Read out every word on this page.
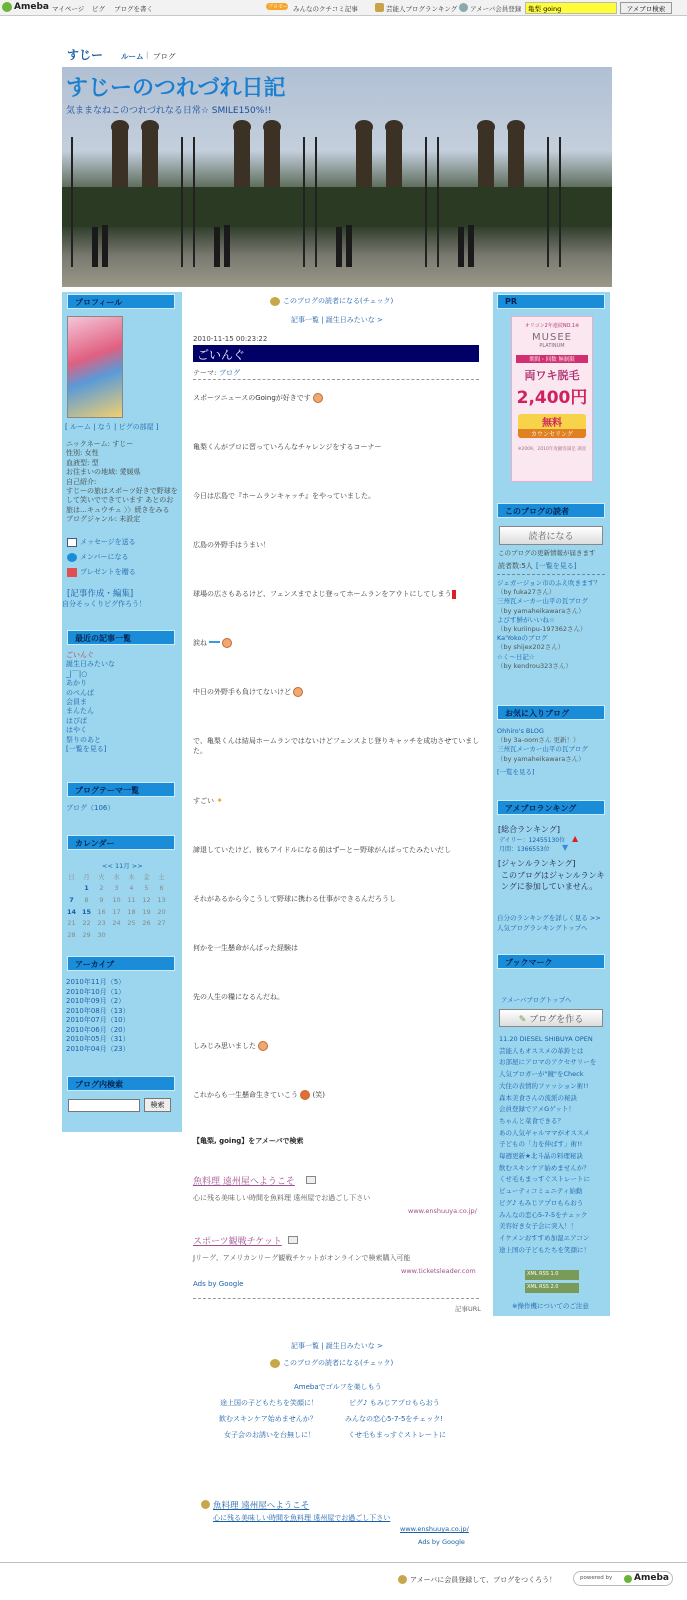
Ameba マイページ ピグ ブログを書く	プロモーション
みんなのクチコミ記事	芸能人ブログランキング アメーバ会員登録
亀梨 going	アメブロ検索
すじー ルーム | ブログ
すじーのつれづれ日記
気ままなねこのつれづれなる日常☆ SMILE150%!!
プロフィール
[ ルーム | なう | ピグの部屋 ]
ニックネーム: すじー
性別: 女性
血液型: 型
お住まいの地域: 愛媛県
自己紹介:
すじーの旅はスポーツ好きで野球をして笑いでできています あとのお旅は…キュウチュ 〉〉続きをみる
ブログジャンル: 未設定
メッセージを送る
メンバーになる
プレゼントを贈る
[記事作成・編集]
自分そっくりピグ作ろう！
最近の記事一覧
ごいんぐ
誕生日みたいな
_|￣|○
あかり
のぺんば
会員ま
まんたん
はぴば
はやく
祭りのあと
[一覧を見る]
ブログテーマ一覧
ブログ（106）
カレンダー
<< 11月 >>
日	月	火	水	木	金	土
	1	2	3	4	5	6
7	8	9	10	11	12	13
14	15	16	17	18	19	20
21	22	23	24	25	26	27
28	29	30				
アーカイブ
2010年11月（5）
2010年10月（1）
2010年09月（2）
2010年08月（13）
2010年07月（10）
2010年06月（20）
2010年05月（31）
2010年04月（23）
ブログ内検索
検索
このブログの読者になる(チェック)
記事一覧 | 誕生日みたいな >
2010-11-15 00:23:22
ごいんぐ
テーマ: ブログ
スポーツニュースのGoingが好きです
亀梨くんがプロに習っていろんなチャレンジをするコーナー
今日は広島で『ホームランキャッチ』をやっていました。
広島の外野手はうまい！
球場の広さもあるけど、フェンスまでよじ登ってホームランをアウトにしてしまう
涙ね
中日の外野手も負けてないけど
で、亀梨くんは結局ホームランではないけどフェンスよじ登りキャッチを成功させていました。
すごい ✦
諦退していたけど、彼もアイドルになる前はずーとー野球がんばってたみたいだし
それがあるから今こうして野球に携わる仕事ができるんだろうし
何かを一生懸命がんばった経験は
先の人生の糧になるんだね。
しみじみ思いました
これからも一生懸命生きていこう (笑)
【亀梨, going】をアメーバで検索
魚料理 遠州屋へようこそ
心に残る美味しい時間を魚料理 遠州屋でお過ごし下さい
www.enshuuya.co.jp/
スポーツ観戦チケット
Jリーグ、アメリカンリーグ観戦チケットがオンラインで検索購入可能
www.ticketsleader.com
Ads by Google
記事URL
PR
オリコン2年連続NO.1※
MUSEE
PLATINUM
期間・回数 無制限
両ワキ脱毛
2,400円
無料
カウンセリング
※2009、2010年度顧客満足 調査
このブログの読者
読者になる
このブログの更新情報が届きます
読者数:5人 [一覧を見る]
ジェガージョン市のふえ吹きます？
（by fuka27さん）
三州瓦メーカー山平の瓦ブログ
（by yamaheikawaraさん）
よびす鮮がいいね☆
（by kuriinpu-197362さん）
Ka'Yokoのブログ
（by shijex202さん）
☆く～日記☆
（by kendrou323さん）
お気に入りブログ
Ohhiro's BLOG
（by 3a-oomさん 更新！）
三州瓦メーカー山平の瓦ブログ
（by yamaheikawaraさん）
[一覧を見る]
アメブロランキング
[総合ランキング]
デイリー：12455130位 ▲
月間：1366553位 ▼
[ジャンルランキング]
このブログはジャンルランキングに参加していません。
自分のランキングを詳しく見る >>
人気ブログランキングトップへ
ブックマーク
アメーバブログトップへ
✎ ブログを作る
11.20 DIESEL SHIBUYA OPEN
芸能人もオススメの革鈴とは
お部屋にアロマのアクセサリーを
人気ブロガーが"鏡"をCheck
大住の表情的ファッション術!!
森本美食さんの流派の秘訣
会員登録でアメGゲット！
ちゃんと菜食できる？
あの人気ギャルママがオススメ
子どもの「力を伸ばす」術!!
毎週更新★北斗晶の料理秘訣
飲むスキンケア始めませんか？
くせ毛もまっすぐストレートに
ビューティコミュニティ始動
ピグ♪ もみじアプロもらおう
みんなの恋心5-7-5をチェック
美容好き女子会に突入！！
イケメンおすすめ加湿エアコン
途上国の子どもたちを笑顔に！
XML RSS 1.0
XML RSS 2.0
※操作機についてのご注意
記事一覧 | 誕生日みたいな >
このブログの読者になる(チェック)
Amebaでゴルフを楽しもう
途上国の子どもたちを笑顔に！	ピグ♪ もみじアプロもらおう
飲むスキンケア始めませんか？	みんなの恋心5-7-5をチェック!
女子会のお誘いを台無しに！	くせ毛もまっすぐストレートに
魚料理 遠州屋へようこそ
心に残る美味しい時間を魚料理 遠州屋でお過ごし下さい
www.enshuuya.co.jp/
Ads by Google
アメーバに会員登録して、ブログをつくろう！	powered by Ameba
